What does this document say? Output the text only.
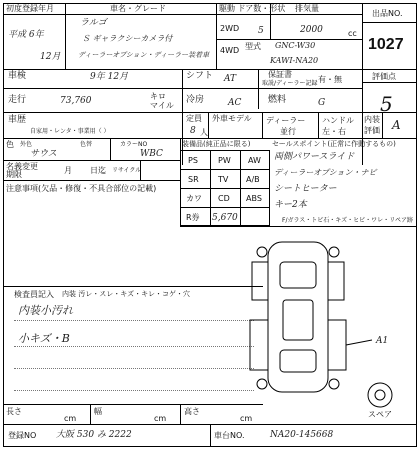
初度登録年月
平成 6年
12月
車名・グレード
ラルゴ
Ｓ ギャラクシーカメラ付
ディーラーオプション・ディーラー装着車
駆動 ドア数・形状
2WD
4WD
5
排気量
2000	cc
型式 GNC-W30
KAWI-NA20
出品NO.
1027
車検	9年 12月	シフト AT	保証書
取説/ディーラー記録 有・無	評価点
5
走行	73,760	キロ
マイル
冷房	AC	燃料	G
車歴
自家用・レンタ・事業用（ ）
定員
8 人
外車モデル ディーラー
並行
ハンドル
左・右
内装
評価 A
色 外色
サウス
色替	カラーNO
WBC
名義変更
期限	月 日迄 リサイクル
注意事項(欠品・修復・不具合部位の記載)
装備品(純正品に限る)
PS	PW AW
SR TV A/B
カワ CD ABS
R券 5,670
セールスポイント(正常に作動するもの)
両側パワースライド
ディーラーオプション・ナビ
シートヒーター
キー2本
F/ガラス・トビ石・キズ・ヒビ・ワレ・リペア跡
検査員記入 内装 汚レ・スレ・キズ・キレ・コゲ・穴
内装小汚れ
小キズ・B	A1
スペア
長さ
cm
幅
cm
高さ
cm
登録NO 大阪 530 み 2222	車台NO.	NA20-145668
